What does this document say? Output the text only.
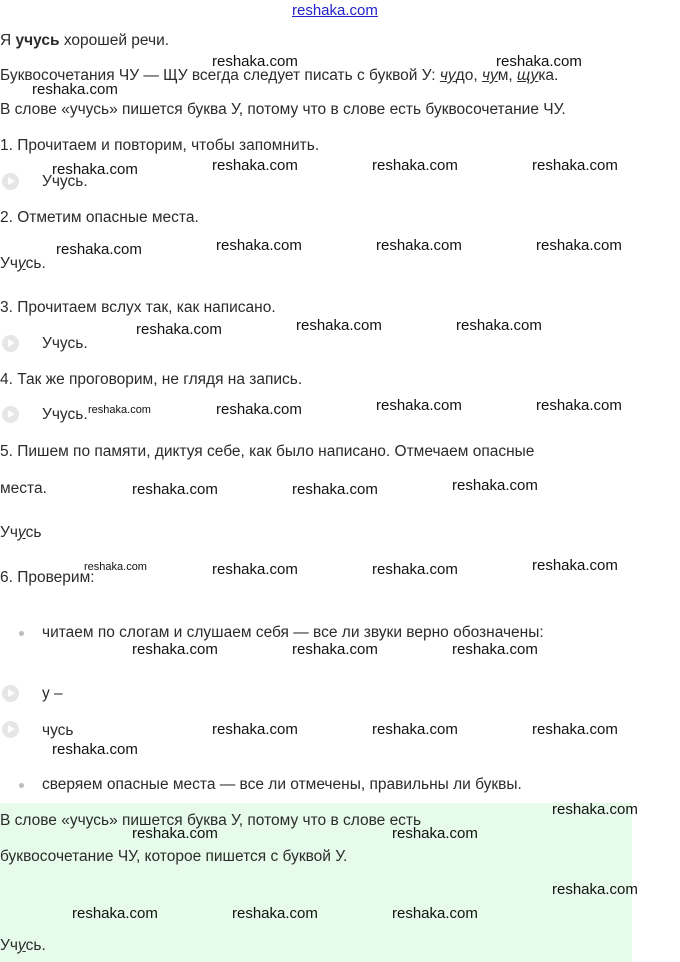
reshaka.com
Я учусь хорошей речи.
Буквосочетания ЧУ — ЩУ всегда следует писать с буквой У: чудо, чум, щука.
В слове «учусь» пишется буква У, потому что в слове есть буквосочетание ЧУ.
1. Прочитаем и повторим, чтобы запомнить.
Учусь.
2. Отметим опасные места.
Учусь.
3. Прочитаем вслух так, как написано.
Учусь.
4. Так же проговорим, не глядя на запись.
Учусь.
5. Пишем по памяти, диктуя себе, как было написано. Отмечаем опасные
места.
Учусь
6. Проверим:
читаем по слогам и слушаем себя — все ли звуки верно обозначены:
у –
чусь
сверяем опасные места — все ли отмечены, правильны ли буквы.
В слове «учусь» пишется буква У, потому что в слове есть
буквосочетание ЧУ, которое пишется с буквой У.
Учусь.
reshaka.com	reshaka.com
reshaka.com
reshaka.com	reshaka.com	reshaka.com	reshaka.com
reshaka.com	reshaka.com	reshaka.com	reshaka.com
reshaka.com	reshaka.com	reshaka.com
reshaka.com	reshaka.com	reshaka.com	reshaka.com
reshaka.com	reshaka.com	reshaka.com
reshaka.com	reshaka.com	reshaka.com	reshaka.com
reshaka.com	reshaka.com	reshaka.com
reshaka.com	reshaka.com	reshaka.com
reshaka.com
reshaka.com
reshaka.com	reshaka.com
reshaka.com
reshaka.com	reshaka.com	reshaka.com
